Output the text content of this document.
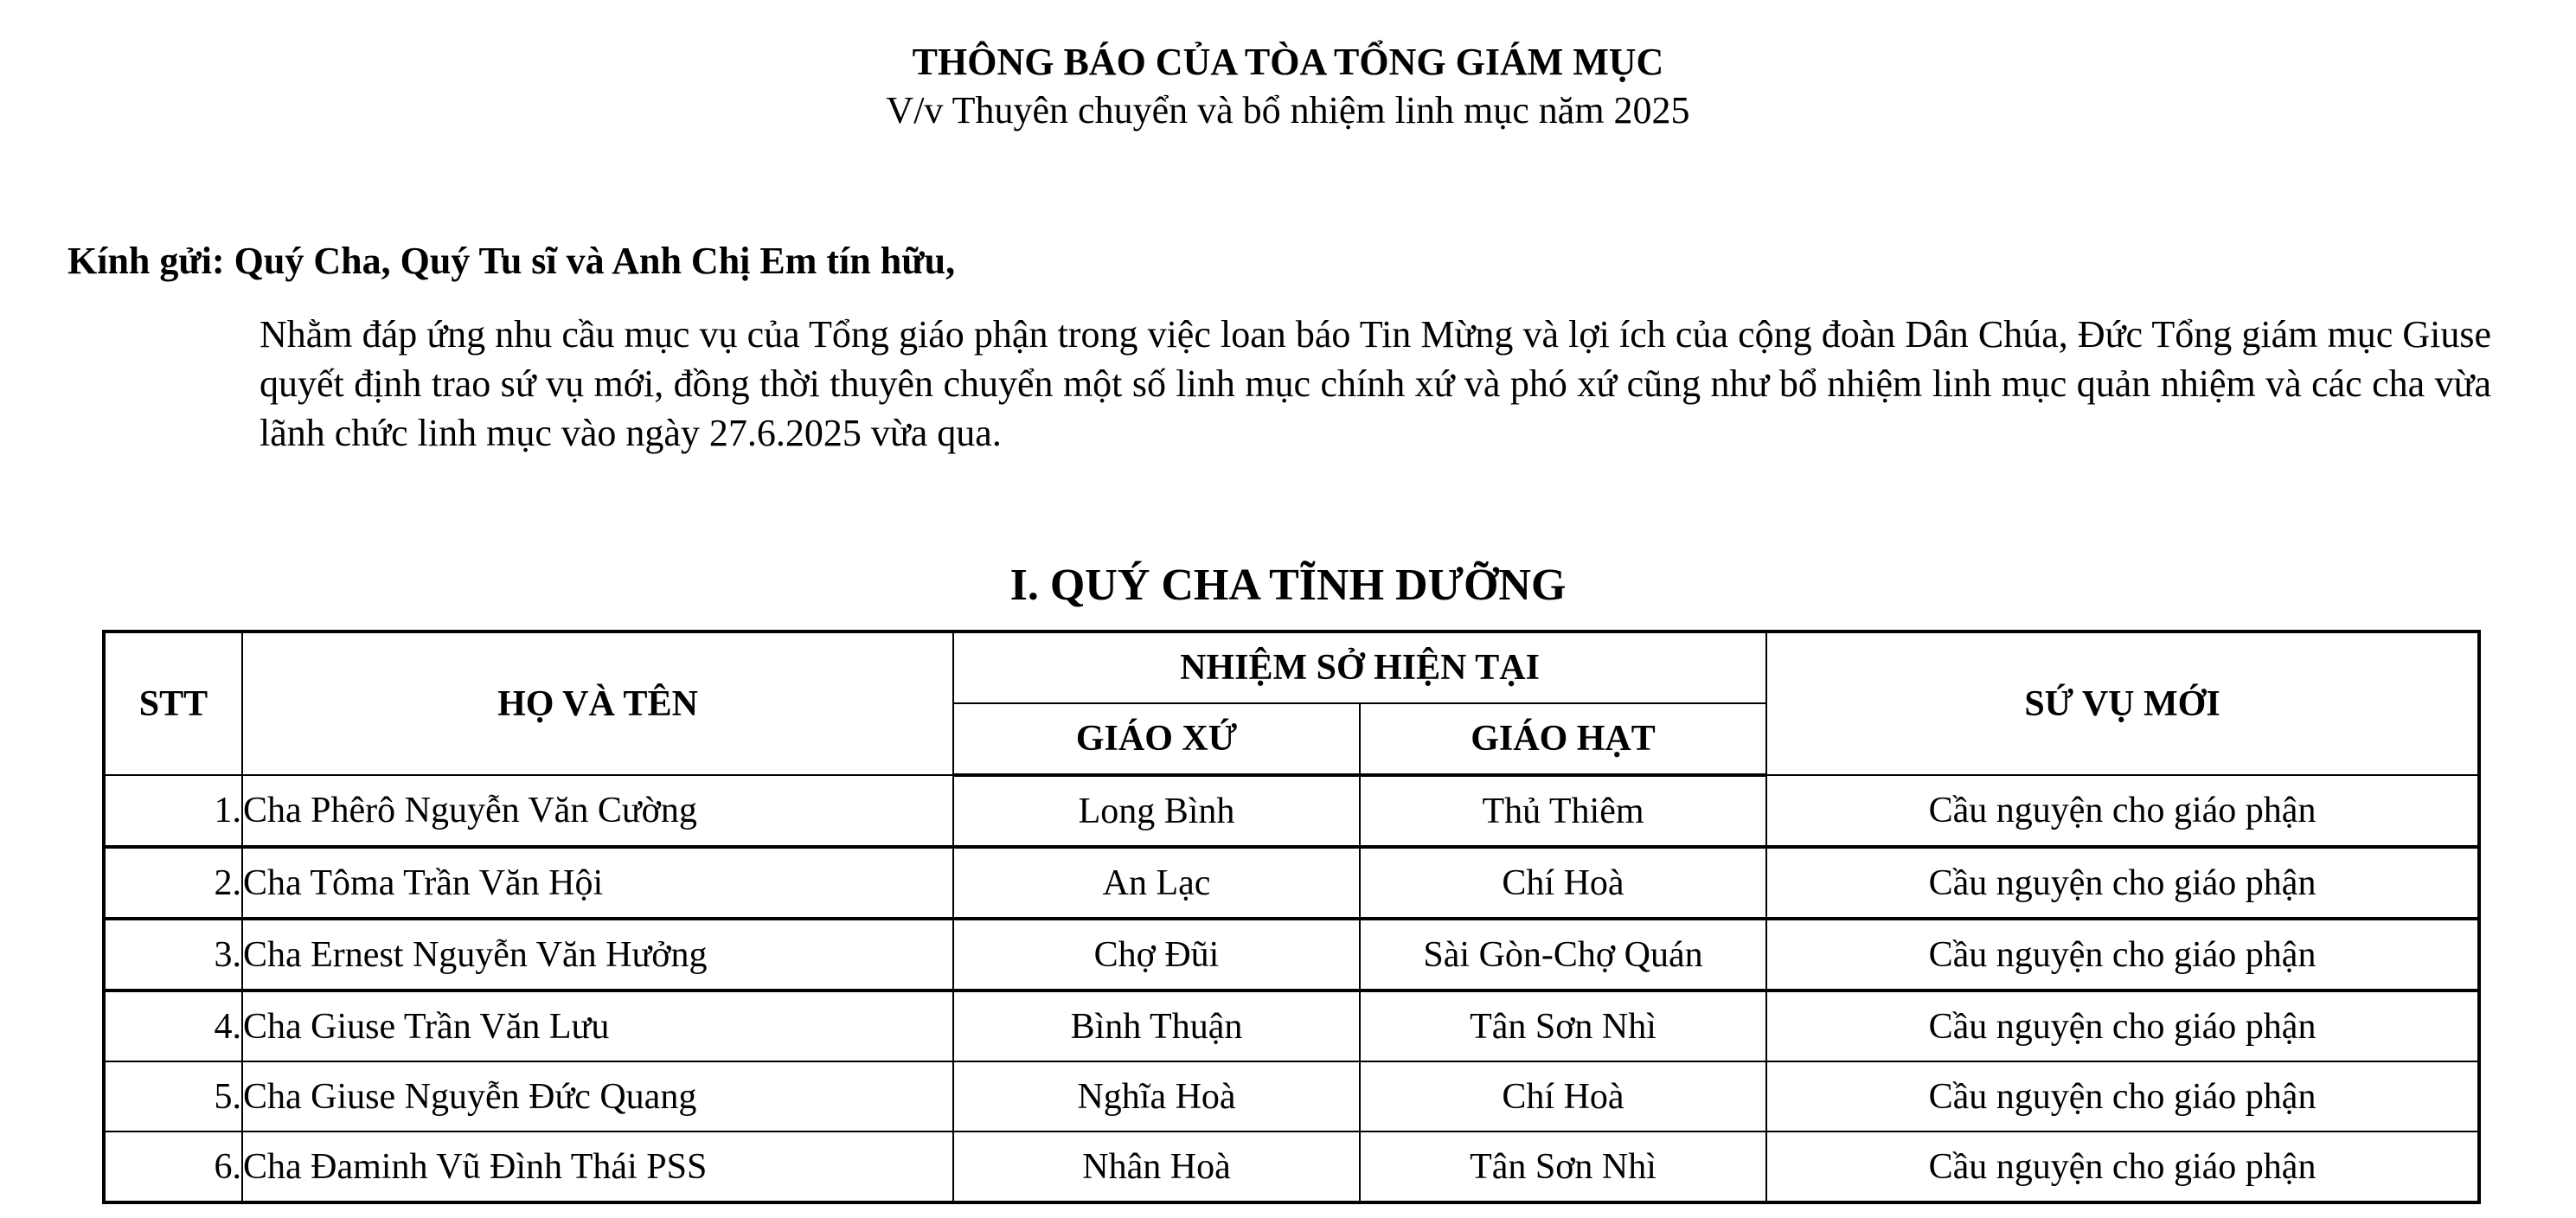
THÔNG BÁO CỦA TÒA TỔNG GIÁM MỤC
V/v Thuyên chuyển và bổ nhiệm linh mục năm 2025

Kính gửi: Quý Cha, Quý Tu sĩ và Anh Chị Em tín hữu,

Nhằm đáp ứng nhu cầu mục vụ của Tổng giáo phận trong việc loan báo Tin Mừng và lợi ích của cộng đoàn Dân Chúa, Đức Tổng giám mục Giuse quyết định trao sứ vụ mới, đồng thời thuyên chuyển một số linh mục chính xứ và phó xứ cũng như bổ nhiệm linh mục quản nhiệm và các cha vừa lãnh chức linh mục vào ngày 27.6.2025 vừa qua.

I. QUÝ CHA TĨNH DƯỠNG
STT	HỌ VÀ TÊN	NHIỆM SỞ HIỆN TẠI		SỨ VỤ MỚI
		GIÁO XỨ	GIÁO HẠT	
1.	Cha Phêrô Nguyễn Văn Cường	Long Bình	Thủ Thiêm	Cầu nguyện cho giáo phận
2.	Cha Tôma Trần Văn Hội	An Lạc	Chí Hoà	Cầu nguyện cho giáo phận
3.	Cha Ernest Nguyễn Văn Hưởng	Chợ Đũi	Sài Gòn-Chợ Quán	Cầu nguyện cho giáo phận
4.	Cha Giuse Trần Văn Lưu	Bình Thuận	Tân Sơn Nhì	Cầu nguyện cho giáo phận
5.	Cha Giuse Nguyễn Đức Quang	Nghĩa Hoà	Chí Hoà	Cầu nguyện cho giáo phận
6.	Cha Đaminh Vũ Đình Thái PSS	Nhân Hoà	Tân Sơn Nhì	Cầu nguyện cho giáo phận
